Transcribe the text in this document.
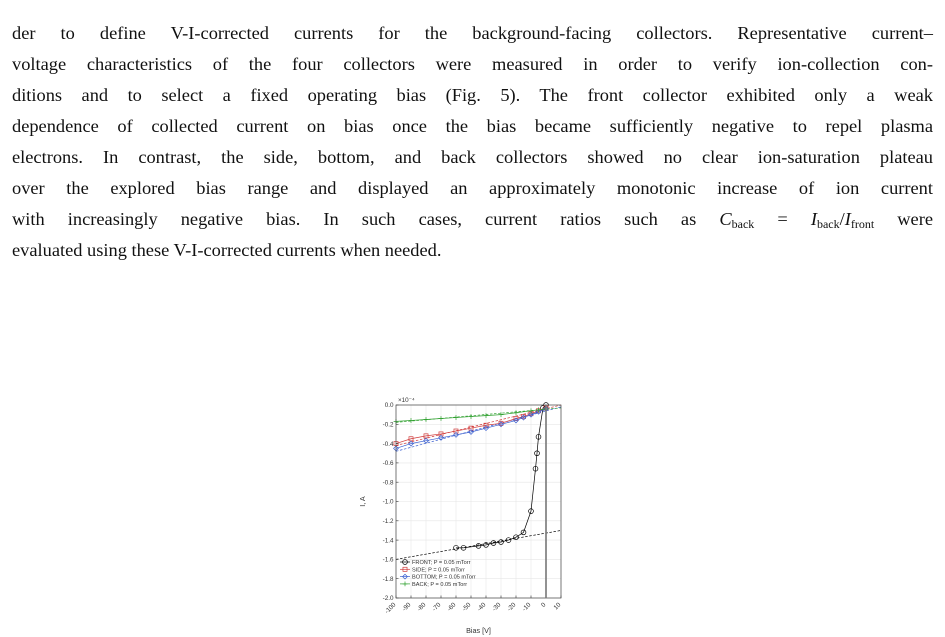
der to define V-I-corrected currents for the background-facing collectors. Representative current–
voltage characteristics of the four collectors were measured in order to verify ion-collection con-
ditions and to select a fixed operating bias (Fig. 5). The front collector exhibited only a weak
dependence of collected current on bias once the bias became sufficiently negative to repel plasma
electrons. In contrast, the side, bottom, and back collectors showed no clear ion-saturation plateau
over the explored bias range and displayed an approximately monotonic increase of ion current
with increasingly negative bias. In such cases, current ratios such as $C_{back} = I_{back}/I_{front}$ were
evaluated using these V-I-corrected currents when needed.
-100 -90 -80 -70 -60 -50 -40 -30 -20 -10 0 10
0.0
-0.2
-0.4
-0.6
-0.8
-1.0
-1.2
-1.4
-1.6
-1.8
-2.0
×10⁻⁴
Bias [V]
I, A
FRONT; P = 0.05 mTorr
SIDE; P = 0.05 mTorr
BOTTOM; P = 0.05 mTorr
BACK; P = 0.05 mTorr
